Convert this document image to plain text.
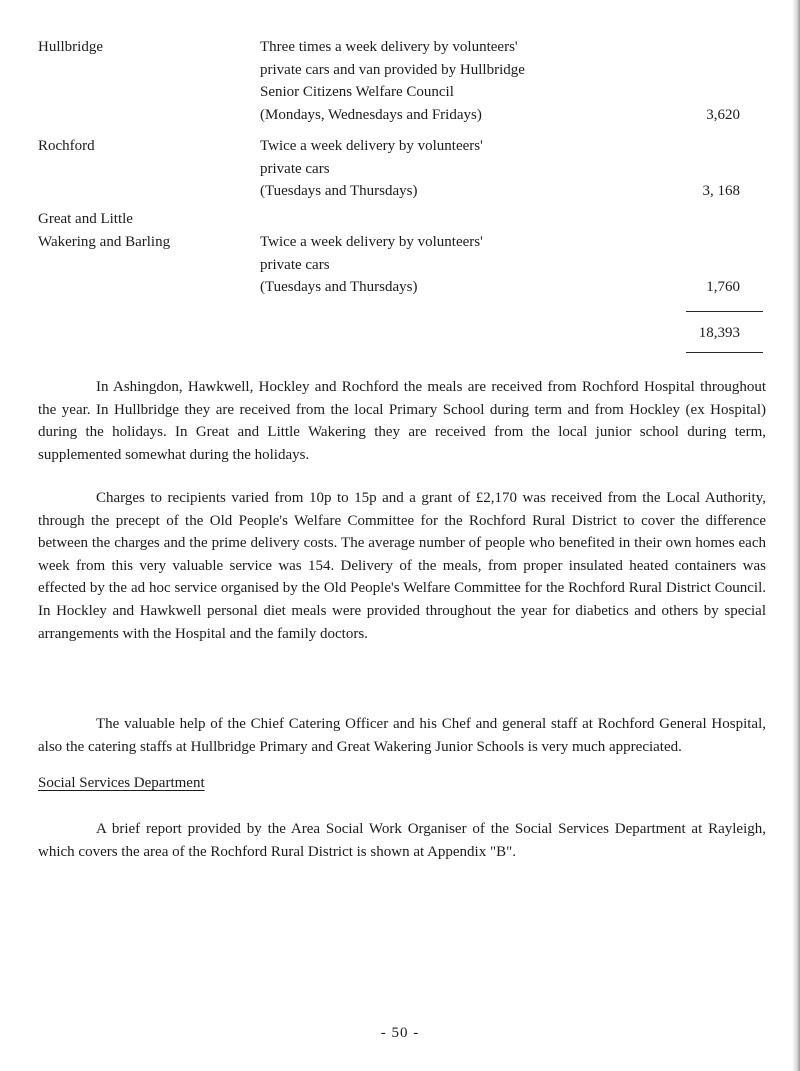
Hullbridge	Three times a week delivery by volunteers'
private cars and van provided by Hullbridge
Senior Citizens Welfare Council
(Mondays, Wednesdays and Fridays)	3,620
Rochford	Twice a week delivery by volunteers'
private cars
(Tuesdays and Thursdays)	3, 168
Great and Little
Wakering and Barling	Twice a week delivery by volunteers'
private cars
(Tuesdays and Thursdays)	1,760
18,393
In Ashingdon, Hawkwell, Hockley and Rochford the meals are received from Rochford Hospital throughout the year. In Hullbridge they are received from the local Primary School during term and from Hockley (ex Hospital) during the holidays. In Great and Little Wakering they are received from the local junior school during term, supplemented somewhat during the holidays.
Charges to recipients varied from 10p to 15p and a grant of £2,170 was received from the Local Authority, through the precept of the Old People's Welfare Committee for the Rochford Rural District to cover the difference between the charges and the prime delivery costs. The average number of people who benefited in their own homes each week from this very valuable service was 154. Delivery of the meals, from proper insulated heated containers was effected by the ad hoc service organised by the Old People's Welfare Committee for the Rochford Rural District Council. In Hockley and Hawkwell personal diet meals were provided throughout the year for diabetics and others by special arrangements with the Hospital and the family doctors.
The valuable help of the Chief Catering Officer and his Chef and general staff at Rochford General Hospital, also the catering staffs at Hullbridge Primary and Great Wakering Junior Schools is very much appreciated.
Social Services Department
A brief report provided by the Area Social Work Organiser of the Social Services Department at Rayleigh, which covers the area of the Rochford Rural District is shown at Appendix "B".
- 50 -
